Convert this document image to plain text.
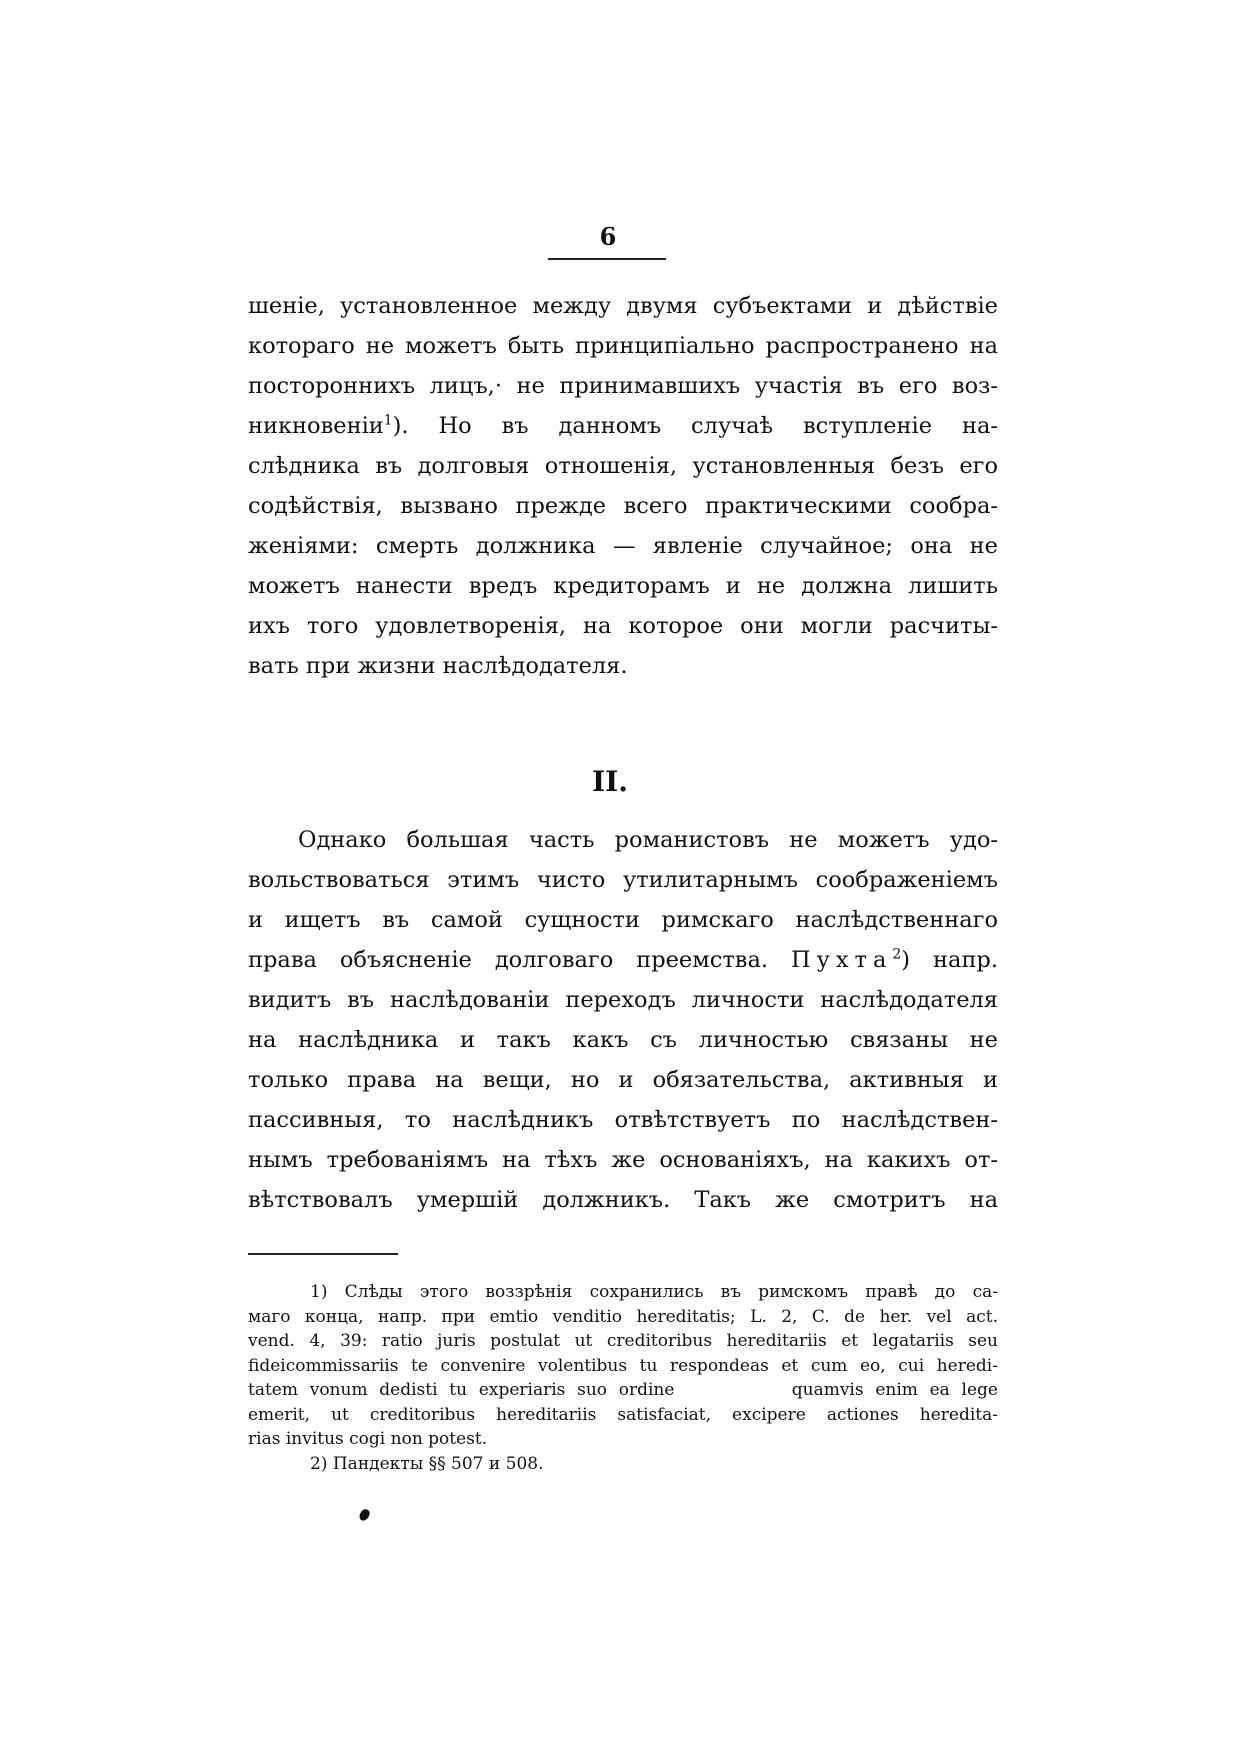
6
шеніе, установленное между двумя субъектами и дѣйствіе
котораго не можетъ быть принципіально распространено на
постороннихъ лицъ,· не принимавшихъ участія въ его воз-
никновеніи$^1$). Но въ данномъ случаѣ вступленіе на-
слѣдника въ долговыя отношенія, установленныя безъ его
содѣйствія, вызвано прежде всего практическими сообра-
женіями: смерть должника — явленіе случайное; она не
можетъ нанести вредъ кредиторамъ и не должна лишить
ихъ того удовлетворенія, на которое они могли расчиты-
вать при жизни наслѣдодателя.
II.
Однако большая часть романистовъ не можетъ удо-
вольствоваться этимъ чисто утилитарнымъ соображеніемъ
и ищетъ въ самой сущности римскаго наслѣдственнаго
права объясненіе долговаго преемства. Пухта$^2$) напр.
видитъ въ наслѣдованіи переходъ личности наслѣдодателя
на наслѣдника и такъ какъ съ личностью связаны не
только права на вещи, но и обязательства, активныя и
пассивныя, то наслѣдникъ отвѣтствуетъ по наслѣдствен-
нымъ требованіямъ на тѣхъ же основаніяхъ, на какихъ от-
вѣтствовалъ умершій должникъ. Такъ же смотритъ на
1) Слѣды этого воззрѣнія сохранились въ римскомъ правѣ до са-
маго конца, напр. при emtio venditio hereditatis; L. 2, C. de her. vel act.
vend. 4, 39: ratio juris postulat ut creditoribus hereditariis et legatariis seu
fideicommissariis te convenire volentibus tu respondeas et cum eo, cui heredi-
tatem vonum dedisti tu experiaris suo ordine          quamvis enim ea lege
emerit, ut creditoribus hereditariis satisfaciat, excipere actiones heredita-
rias invitus cogi non potest.
2) Пандекты §§ 507 и 508.
